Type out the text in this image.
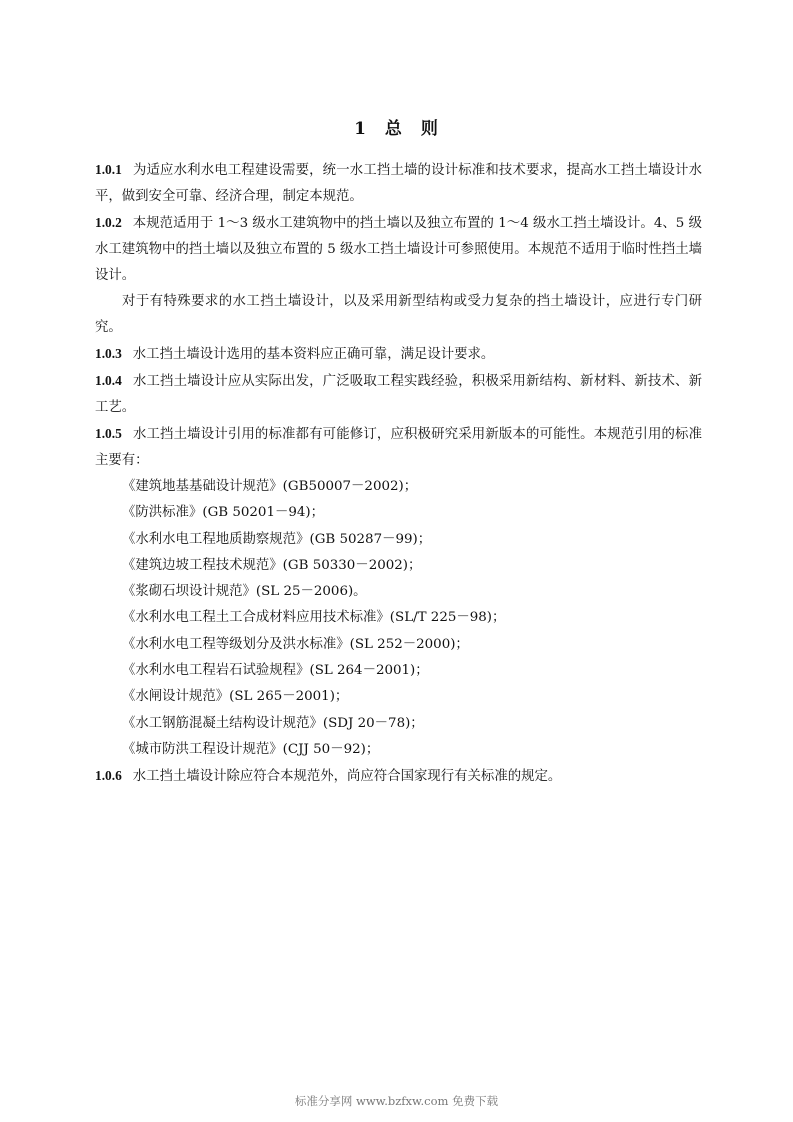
1 总 则

1.0.1 为适应水利水电工程建设需要，统一水工挡土墙的设计标准和技术要求，提高水工挡土墙设计水平，做到安全可靠、经济合理，制定本规范。

1.0.2 本规范适用于 1～3 级水工建筑物中的挡土墙以及独立布置的 1～4 级水工挡土墙设计。4、5 级水工建筑物中的挡土墙以及独立布置的 5 级水工挡土墙设计可参照使用。本规范不适用于临时性挡土墙设计。

对于有特殊要求的水工挡土墙设计，以及采用新型结构或受力复杂的挡土墙设计，应进行专门研究。

1.0.3 水工挡土墙设计选用的基本资料应正确可靠，满足设计要求。

1.0.4 水工挡土墙设计应从实际出发，广泛吸取工程实践经验，积极采用新结构、新材料、新技术、新工艺。

1.0.5 水工挡土墙设计引用的标准都有可能修订，应积极研究采用新版本的可能性。本规范引用的标准主要有：

《建筑地基基础设计规范》(GB50007－2002)；
《防洪标准》(GB 50201－94)；
《水利水电工程地质勘察规范》(GB 50287－99)；
《建筑边坡工程技术规范》(GB 50330－2002)；
《浆砌石坝设计规范》(SL 25－2006)。
《水利水电工程土工合成材料应用技术标准》(SL/T 225－98)；
《水利水电工程等级划分及洪水标准》(SL 252－2000)；
《水利水电工程岩石试验规程》(SL 264－2001)；
《水闸设计规范》(SL 265－2001)；
《水工钢筋混凝土结构设计规范》(SDJ 20－78)；
《城市防洪工程设计规范》(CJJ 50－92)；

1.0.6 水工挡土墙设计除应符合本规范外，尚应符合国家现行有关标准的规定。

标准分享网 www.bzfxw.com 免费下载
